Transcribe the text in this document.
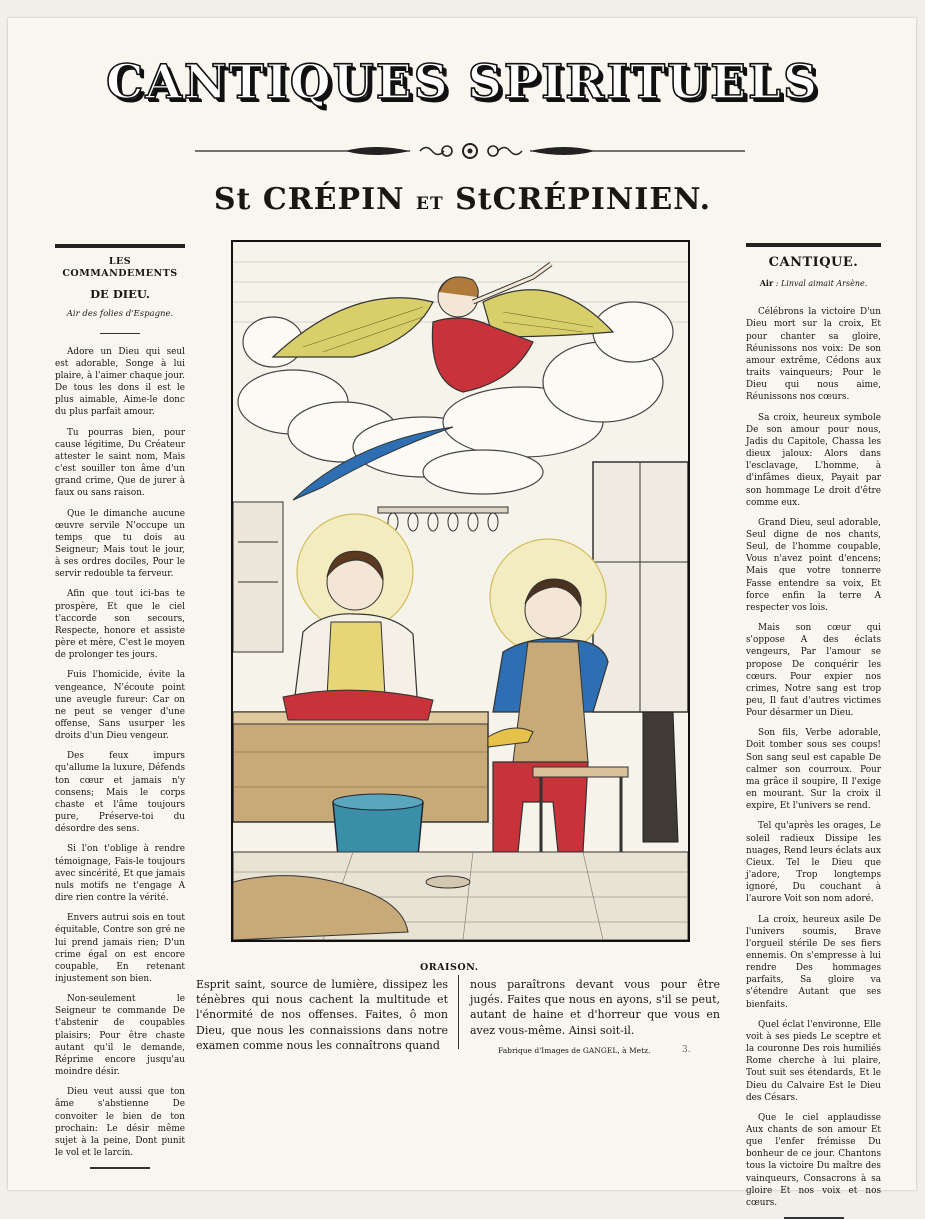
CANTIQUES SPIRITUELS
St CRÉPIN ET StCRÉPINIEN.
LES COMMANDEMENTS
DE DIEU.
Air des folies d'Espagne.

Adore un Dieu qui seul est adorable, Songe à lui plaire, à l'aimer chaque jour. De tous les dons il est le plus aimable, Aime-le donc du plus parfait amour.

Tu pourras bien, pour cause légitime, Du Créateur attester le saint nom, Mais c'est souiller ton âme d'un grand crime, Que de jurer à faux ou sans raison.

Que le dimanche aucune œuvre servile N'occupe un temps que tu dois au Seigneur; Mais tout le jour, à ses ordres dociles, Pour le servir redouble ta ferveur.

Afin que tout ici-bas te prospère, Et que le ciel t'accorde son secours, Respecte, honore et assiste père et mère, C'est le moyen de prolonger tes jours.

Fuis l'homicide, évite la vengeance, N'écoute point une aveugle fureur: Car on ne peut se venger d'une offense, Sans usurper les droits d'un Dieu vengeur.

Des feux impurs qu'allume la luxure, Défends ton cœur et jamais n'y consens; Mais le corps chaste et l'âme toujours pure, Préserve-toi du désordre des sens.

Si l'on t'oblige à rendre témoignage, Fais-le toujours avec sincérité, Et que jamais nuls motifs ne t'engage A dire rien contre la vérité.

Envers autrui sois en tout équitable, Contre son gré ne lui prend jamais rien; D'un crime égal on est encore coupable, En retenant injustement son bien.

Non-seulement le Seigneur te commande De t'abstenir de coupables plaisirs; Pour être chaste autant qu'il le demande, Réprime encore jusqu'au moindre désir.

Dieu veut aussi que ton âme s'abstienne De convoiter le bien de ton prochain: Le désir même sujet à la peine, Dont punit le vol et le larcin.

CANTIQUE.
Air : Linval aimait Arsène.

Célébrons la victoire D'un Dieu mort sur la croix, Et pour chanter sa gloire, Réunissons nos voix: De son amour extrême, Cédons aux traits vainqueurs; Pour le Dieu qui nous aime, Réunissons nos cœurs.

Sa croix, heureux symbole De son amour pour nous, Jadis du Capitole, Chassa les dieux jaloux: Alors dans l'esclavage, L'homme, à d'infâmes dieux, Payait par son hommage Le droit d'être comme eux.

Grand Dieu, seul adorable, Seul digne de nos chants, Seul, de l'homme coupable, Vous n'avez point d'encens; Mais que votre tonnerre Fasse entendre sa voix, Et force enfin la terre A respecter vos lois.

Mais son cœur qui s'oppose A des éclats vengeurs, Par l'amour se propose De conquérir les cœurs. Pour expier nos crimes, Notre sang est trop peu, Il faut d'autres victimes Pour désarmer un Dieu.

Son fils, Verbe adorable, Doit tomber sous ses coups! Son sang seul est capable De calmer son courroux. Pour ma grâce il soupire, Il l'exige en mourant. Sur la croix il expire, Et l'univers se rend.

Tel qu'après les orages, Le soleil radieux Dissipe les nuages, Rend leurs éclats aux Cieux. Tel le Dieu que j'adore, Trop longtemps ignoré, Du couchant à l'aurore Voit son nom adoré.

La croix, heureux asile De l'univers soumis, Brave l'orgueil stérile De ses fiers ennemis. On s'empresse à lui rendre Des hommages parfaits, Sa gloire va s'étendre Autant que ses bienfaits.

Quel éclat l'environne, Elle voit à ses pieds Le sceptre et la couronne Des rois humiliés Rome cherche à lui plaire, Tout suit ses étendards, Et le Dieu du Calvaire Est le Dieu des Césars.

Que le ciel applaudisse Aux chants de son amour Et que l'enfer frémisse Du bonheur de ce jour. Chantons tous la victoire Du maître des vainqueurs, Consacrons à sa gloire Et nos voix et nos cœurs.

ORAISON.
Esprit saint, source de lumière, dissipez les ténèbres qui nous cachent la multitude et l'énormité de nos offenses. Faites, ô mon Dieu, que nous les connaissions dans notre examen comme nous les connaîtrons quand
nous paraîtrons devant vous pour être jugés. Faites que nous en ayons, s'il se peut, autant de haine et d'horreur que vous en avez vous-même. Ainsi soit-il.
Fabrique d'Images de GANGEL, à Metz.	3.
